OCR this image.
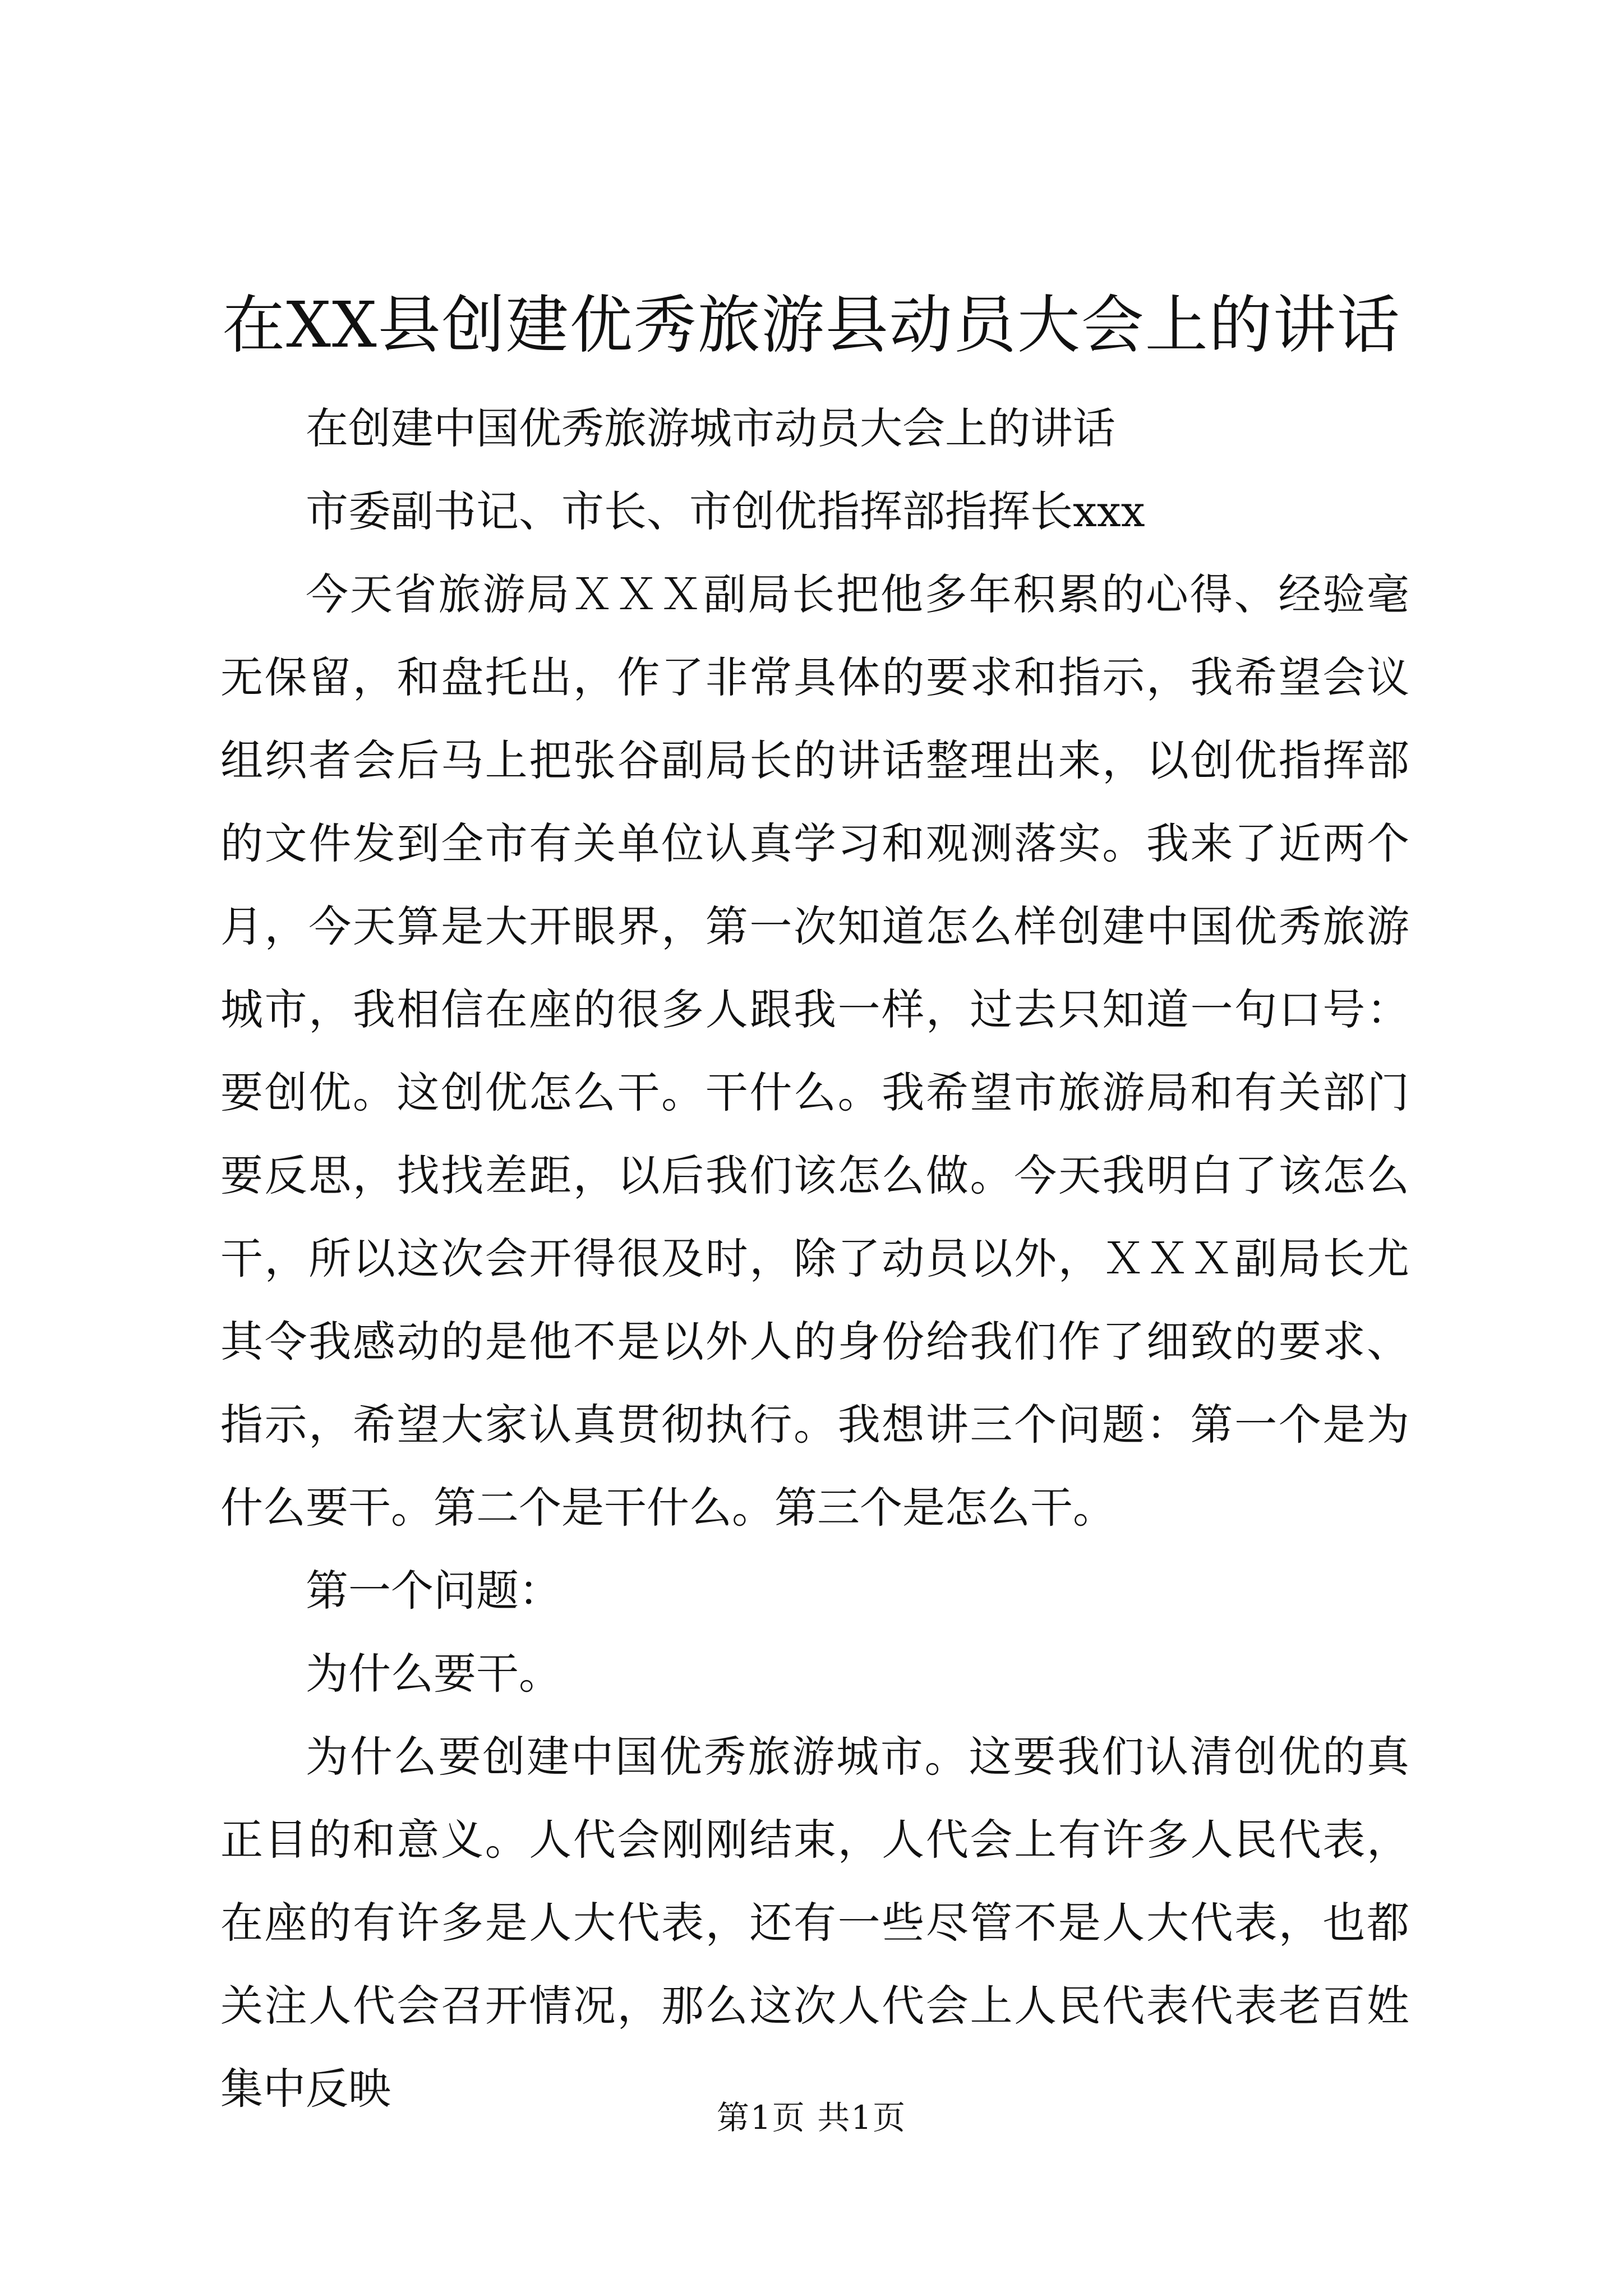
在XX县创建优秀旅游县动员大会上的讲话

在创建中国优秀旅游城市动员大会上的讲话

市委副书记、市长、市创优指挥部指挥长xxx

今天省旅游局ＸＸＸ副局长把他多年积累的心得、经验毫无保留，和盘托出，作了非常具体的要求和指示，我希望会议组织者会后马上把张谷副局长的讲话整理出来，以创优指挥部的文件发到全市有关单位认真学习和观测落实。我来了近两个月，今天算是大开眼界，第一次知道怎么样创建中国优秀旅游城市，我相信在座的很多人跟我一样，过去只知道一句口号：要创优。这创优怎么干。干什么。我希望市旅游局和有关部门要反思，找找差距，以后我们该怎么做。今天我明白了该怎么干，所以这次会开得很及时，除了动员以外，ＸＸＸ副局长尤其令我感动的是他不是以外人的身份给我们作了细致的要求、指示，希望大家认真贯彻执行。我想讲三个问题：第一个是为什么要干。第二个是干什么。第三个是怎么干。

第一个问题：

为什么要干。

为什么要创建中国优秀旅游城市。这要我们认清创优的真正目的和意义。人代会刚刚结束，人代会上有许多人民代表，在座的有许多是人大代表，还有一些尽管不是人大代表，也都关注人代会召开情况，那么这次人代会上人民代表代表老百姓集中反映

第1页 共1页
